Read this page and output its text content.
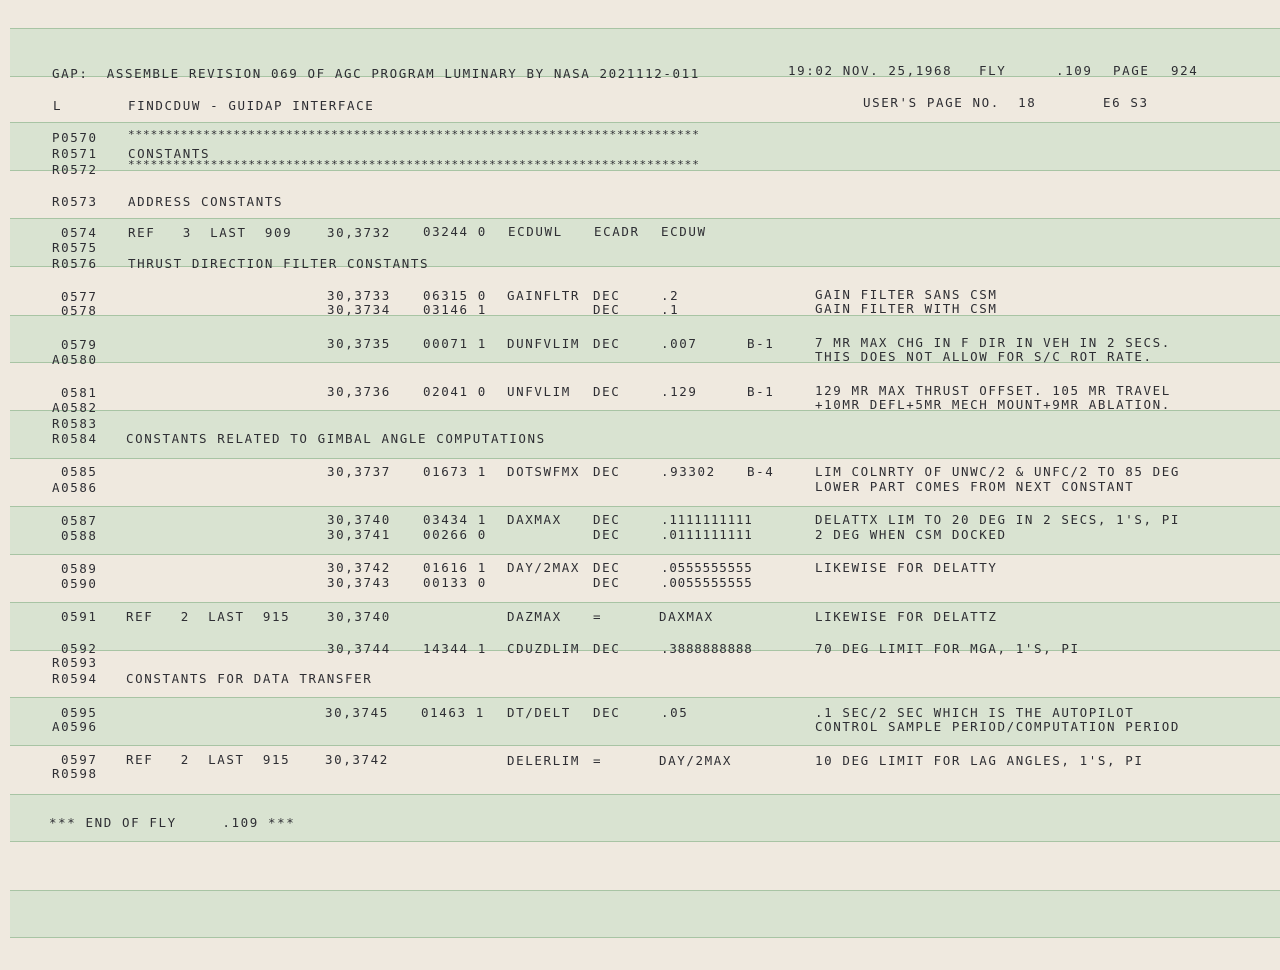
GAP:  ASSEMBLE REVISION 069 OF AGC PROGRAM LUMINARY BY NASA 2021112-011	19:02 NOV. 25,1968 FLY	.109 PAGE 924
L	FINDCDUW - GUIDAP INTERFACE	USER'S PAGE NO.  18	E6 S3
P0570	****************************************************************************
R0571 CONSTANTS
R0572	****************************************************************************
R0573 ADDRESS CONSTANTS
0574 REF   3  LAST  909	30,3732	03244 0 ECDUWL ECADR ECDUW
R0575
R0576 THRUST DIRECTION FILTER CONSTANTS
0577	30,3733	06315 0 GAINFLTR DEC	.2	GAIN FILTER SANS CSM
0578	30,3734	03146 1	DEC	.1	GAIN FILTER WITH CSM
0579	30,3735	00071 1 DUNFVLIM DEC	.007	B-1	7 MR MAX CHG IN F DIR IN VEH IN 2 SECS.
A0580	THIS DOES NOT ALLOW FOR S/C ROT RATE.
0581	30,3736	02041 0 UNFVLIM DEC	.129	B-1	129 MR MAX THRUST OFFSET. 105 MR TRAVEL
A0582	+10MR DEFL+5MR MECH MOUNT+9MR ABLATION.
R0583
R0584 CONSTANTS RELATED TO GIMBAL ANGLE COMPUTATIONS
0585	30,3737	01673 1 DOTSWFMX DEC	.93302 B-4	LIM COLNRTY OF UNWC/2 & UNFC/2 TO 85 DEG
A0586	LOWER PART COMES FROM NEXT CONSTANT
0587	30,3740	03434 1 DAXMAX DEC	.1111111111	DELATTX LIM TO 20 DEG IN 2 SECS, 1'S, PI
0588	30,3741	00266 0	DEC	.0111111111	2 DEG WHEN CSM DOCKED
0589	30,3742	01616 1 DAY/2MAX DEC	.0555555555	LIKEWISE FOR DELATTY
0590	30,3743	00133 0	DEC	.0055555555
0591 REF   2  LAST  915	30,3740	DAZMAX =	DAXMAX	LIKEWISE FOR DELATTZ
0592	30,3744	14344 1 CDUZDLIM DEC	.3888888888	70 DEG LIMIT FOR MGA, 1'S, PI
R0593
R0594 CONSTANTS FOR DATA TRANSFER
0595	30,3745	01463 1 DT/DELT DEC	.05	.1 SEC/2 SEC WHICH IS THE AUTOPILOT
A0596	CONTROL SAMPLE PERIOD/COMPUTATION PERIOD
0597 REF   2  LAST  915	30,3742	DELERLIM =	DAY/2MAX	10 DEG LIMIT FOR LAG ANGLES, 1'S, PI
R0598
*** END OF FLY     .109 ***
